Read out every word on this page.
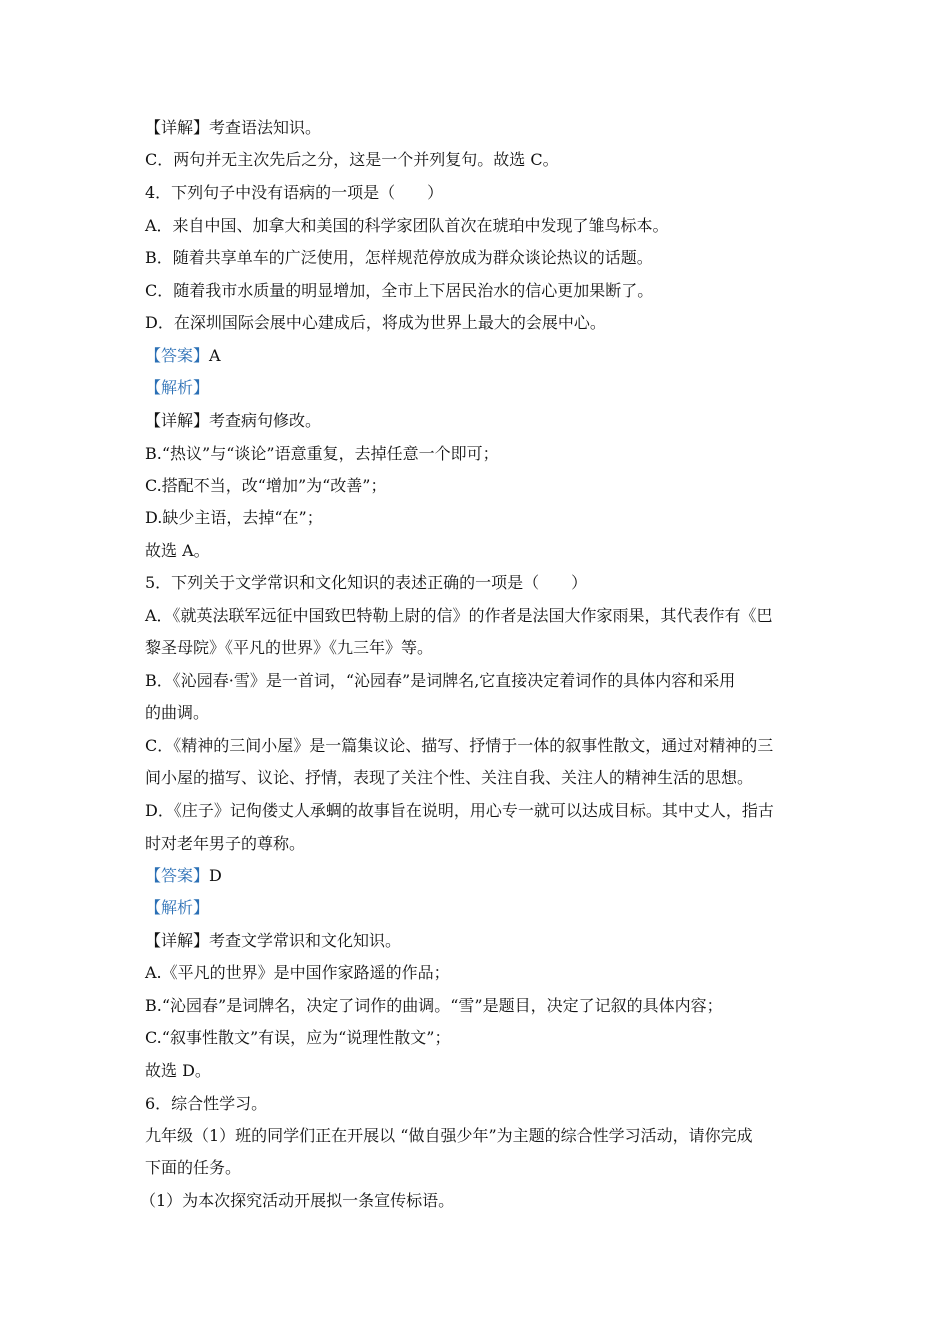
【详解】考查语法知识。
C．两句并无主次先后之分，这是一个并列复句。故选 C。
4．下列句子中没有语病的一项是（　　）
A．来自中国、加拿大和美国的科学家团队首次在琥珀中发现了雏鸟标本。
B．随着共享单车的广泛使用，怎样规范停放成为群众谈论热议的话题。
C．随着我市水质量的明显增加，全市上下居民治水的信心更加果断了。
D．在深圳国际会展中心建成后，将成为世界上最大的会展中心。
【答案】A
【解析】
【详解】考查病句修改。
B.“热议”与“谈论”语意重复，去掉任意一个即可；
C.搭配不当，改“增加”为“改善”；
D.缺少主语，去掉“在”；
故选 A。
5．下列关于文学常识和文化知识的表述正确的一项是（　　）
A．《就英法联军远征中国致巴特勒上尉的信》的作者是法国大作家雨果，其代表作有《巴
黎圣母院》《平凡的世界》《九三年》等。
B．《沁园春·雪》是一首词，“沁园春”是词牌名,它直接决定着词作的具体内容和采用
的曲调。
C．《精神的三间小屋》是一篇集议论、描写、抒情于一体的叙事性散文，通过对精神的三
间小屋的描写、议论、抒情，表现了关注个性、关注自我、关注人的精神生活的思想。
D．《庄子》记佝偻丈人承蜩的故事旨在说明，用心专一就可以达成目标。其中丈人，指古
时对老年男子的尊称。
【答案】D
【解析】
【详解】考查文学常识和文化知识。
A.《平凡的世界》是中国作家路遥的作品；
B.“沁园春”是词牌名，决定了词作的曲调。“雪”是题目，决定了记叙的具体内容；
C.“叙事性散文”有误，应为“说理性散文”；
故选 D。
6．综合性学习。
九年级（1）班的同学们正在开展以 “做自强少年”为主题的综合性学习活动，请你完成
下面的任务。
（1）为本次探究活动开展拟一条宣传标语。
